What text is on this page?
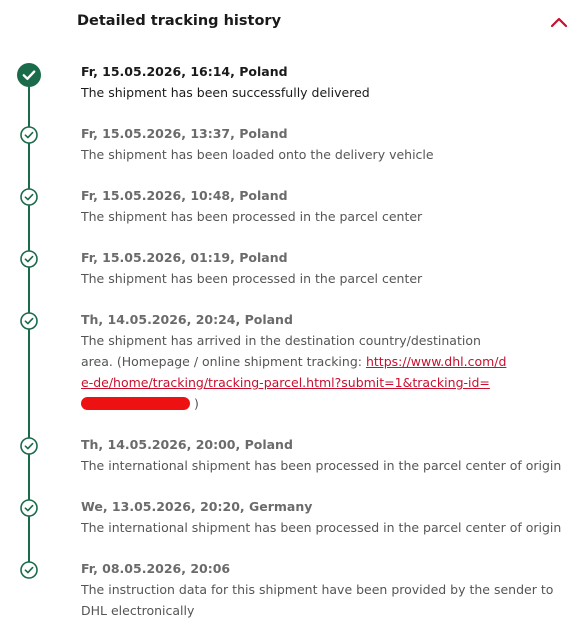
Detailed tracking history
Fr, 15.05.2026, 16:14, Poland
The shipment has been successfully delivered
Fr, 15.05.2026, 13:37, Poland
The shipment has been loaded onto the delivery vehicle
Fr, 15.05.2026, 10:48, Poland
The shipment has been processed in the parcel center
Fr, 15.05.2026, 01:19, Poland
The shipment has been processed in the parcel center
Th, 14.05.2026, 20:24, Poland
The shipment has arrived in the destination country/destination area. (Homepage / online shipment tracking: https://www.dhl.com/de-de/home/tracking/tracking-parcel.html?submit=1&tracking-id= )
Th, 14.05.2026, 20:00, Poland
The international shipment has been processed in the parcel center of origin
We, 13.05.2026, 20:20, Germany
The international shipment has been processed in the parcel center of origin
Fr, 08.05.2026, 20:06
The instruction data for this shipment have been provided by the sender to DHL electronically
